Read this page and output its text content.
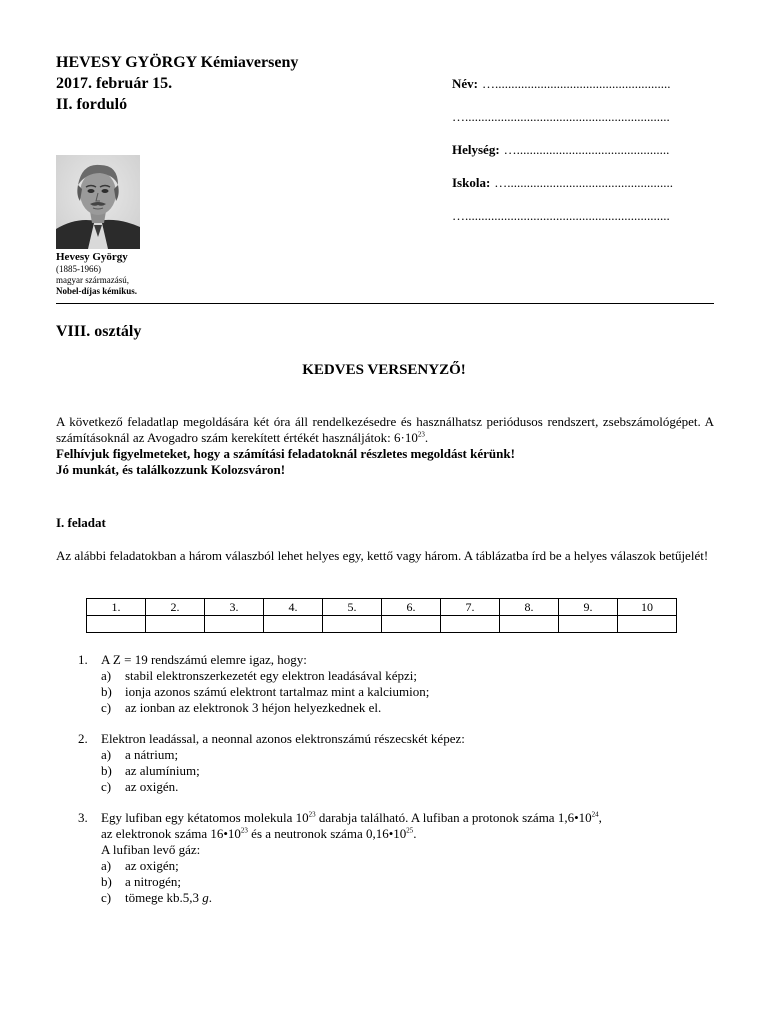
HEVESY GYÖRGY Kémiaverseny
2017. február 15.
II. forduló
Név: …......................................................
…...............................................................
Helység: …...............................................
Iskola: …...................................................
…...............................................................
Hevesy György
(1885-1966)
magyar származású,
Nobel-díjas kémikus.
VIII. osztály
KEDVES VERSENYZŐ!

A következő feladatlap megoldására két óra áll rendelkezésedre és használhatsz periódusos rendszert, zsebszámológépet. A számításoknál az Avogadro szám kerekített értékét használjátok: $6\cdot 10^{23}$.

Felhívjuk figyelmeteket, hogy a számítási feladatoknál részletes megoldást kérünk!

Jó munkát, és találkozzunk Kolozsváron!

I. feladat
Az alábbi feladatokban a három válaszból lehet helyes egy, kettő vagy három. A táblázatba írd be a helyes válaszok betűjelét!
1.	2.	3.	4.	5.	6.	7.	8.	9.	10

1.	A Z = 19 rendszámú elemre igaz, hogy:
a)	stabil elektronszerkezetét egy elektron leadásával képzi;
b)	ionja azonos számú elektront tartalmaz mint a kalciumion;
c)	az ionban az elektronok 3 héjon helyezkednek el.
2.	Elektron leadással, a neonnal azonos elektronszámú részecskét képez:
a)	a nátrium;
b)	az alumínium;
c)	az oxigén.
3.	Egy lufiban egy kétatomos molekula $10^{23}$ darabja található. A lufiban a protonok száma $1,6•10^{24}$,
az elektronok száma $16•10^{23}$ és a neutronok száma $0,16•10^{25}$.
A lufiban levő gáz:
a)	az oxigén;
b)	a nitrogén;
c)	tömege kb.5,3 g.
